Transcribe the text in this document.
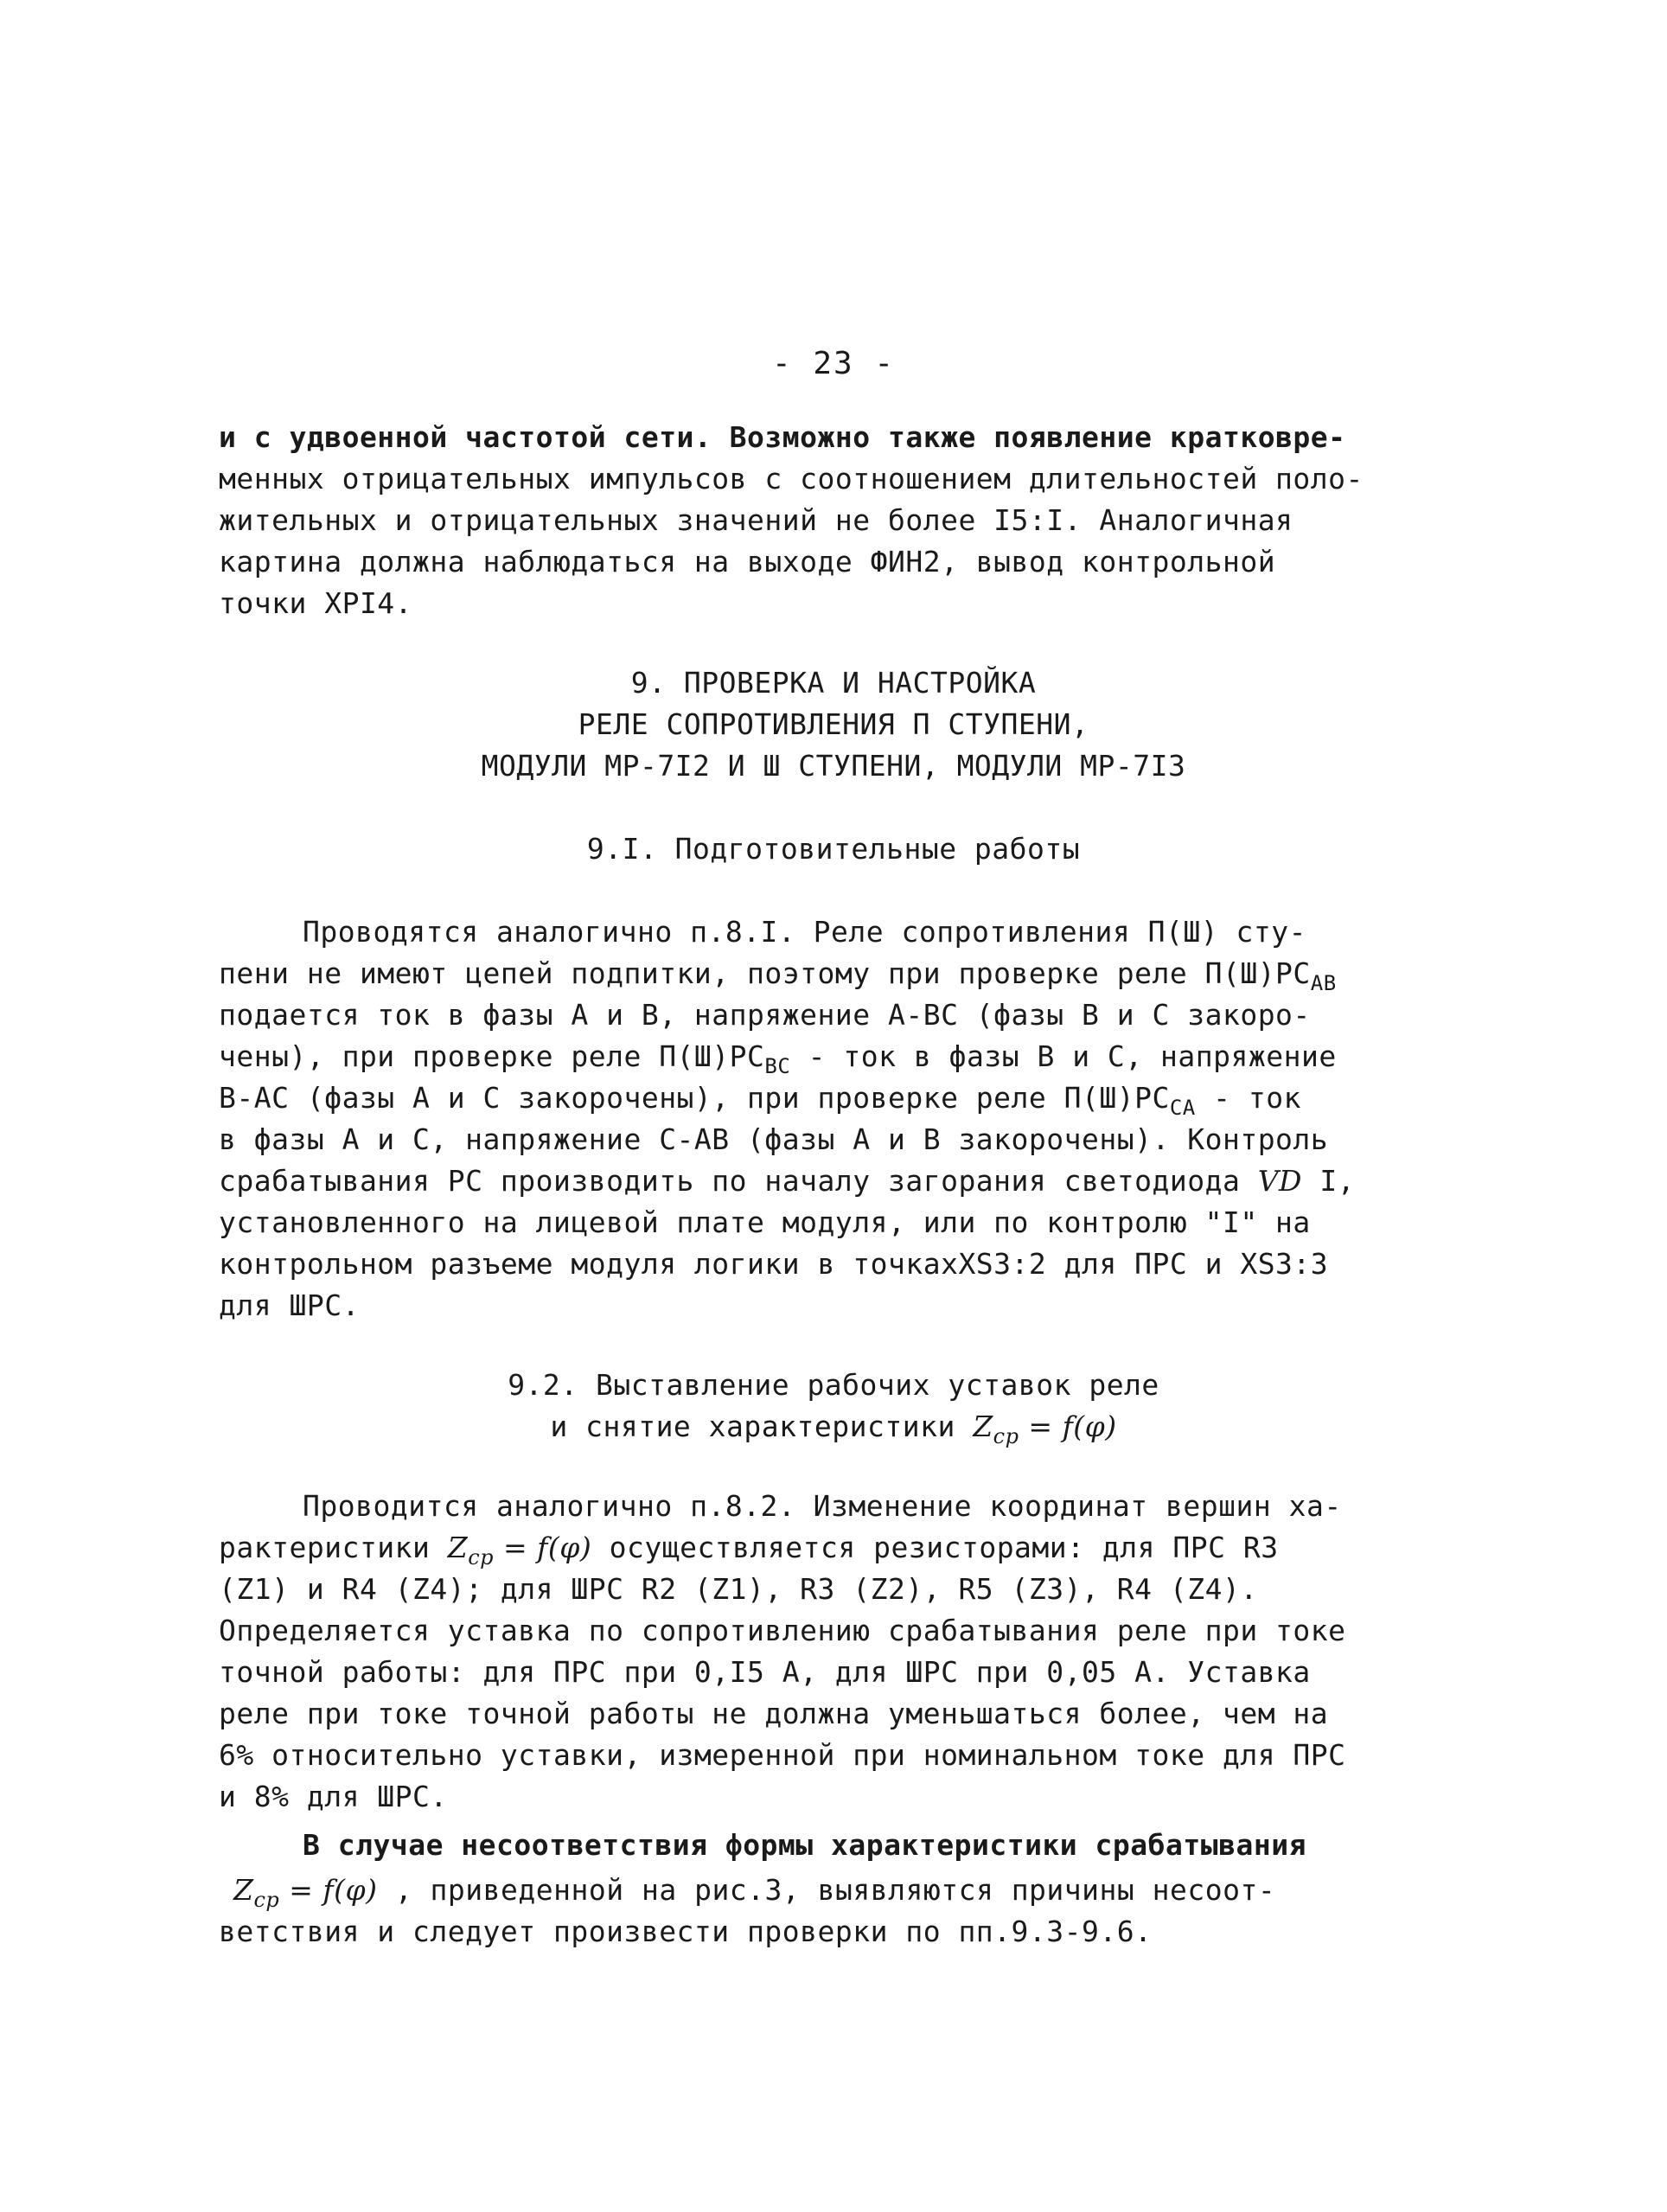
- 23 -
и с удвоенной частотой сети. Возможно также появление кратковре-
менных отрицательных импульсов с соотношением длительностей поло-
жительных и отрицательных значений не более I5:I. Аналогичная
картина должна наблюдаться на выходе ФИН2, вывод контрольной
точки ХРI4.
9. ПРОВЕРКА И НАСТРОЙКА
РЕЛЕ СОПРОТИВЛЕНИЯ П СТУПЕНИ,
МОДУЛИ МР-7I2 И Ш СТУПЕНИ, МОДУЛИ МР-7I3
9.I. Подготовительные работы
Проводятся аналогично п.8.I. Реле сопротивления П(Ш) сту-
пени не имеют цепей подпитки, поэтому при проверке реле $П(Ш)РС_{АВ}$
подается ток в фазы А и В, напряжение А-ВС (фазы В и С закоро-
чены), при проверке реле $П(Ш)РС_{ВС}$ - ток в фазы В и С, напряжение
В-АС (фазы А и С закорочены), при проверке реле $П(Ш)РС_{СА}$ - ток
в фазы А и С, напряжение С-АВ (фазы А и В закорочены). Контроль
срабатывания РС производить по началу загорания светодиода VD I,
установленного на лицевой плате модуля, или по контролю "I" на
контрольном разъеме модуля логики в точкахXS3:2 для ПРС и XS3:3
для ШРС.
9.2. Выставление рабочих уставок реле
и снятие характеристики $Z_{ср} = f(\varphi)$
Проводится аналогично п.8.2. Изменение координат вершин ха-
рактеристики $Z_{ср} = f(\varphi)$ осуществляется резисторами: для ПРС R3
(Z1) и R4 (Z4); для ШРС R2 (Z1), R3 (Z2), R5 (Z3), R4 (Z4).
Определяется уставка по сопротивлению срабатывания реле при токе
точной работы: для ПРС при 0,I5 А, для ШРС при 0,05 А. Уставка
реле при токе точной работы не должна уменьшаться более, чем на
6% относительно уставки, измеренной при номинальном токе для ПРС
и 8% для ШРС.
В случае несоответствия формы характеристики срабатывания
$Z_{ср} = f(\varphi)$ , приведенной на рис.3, выявляются причины несоот-
ветствия и следует произвести проверки по пп.9.3-9.6.
